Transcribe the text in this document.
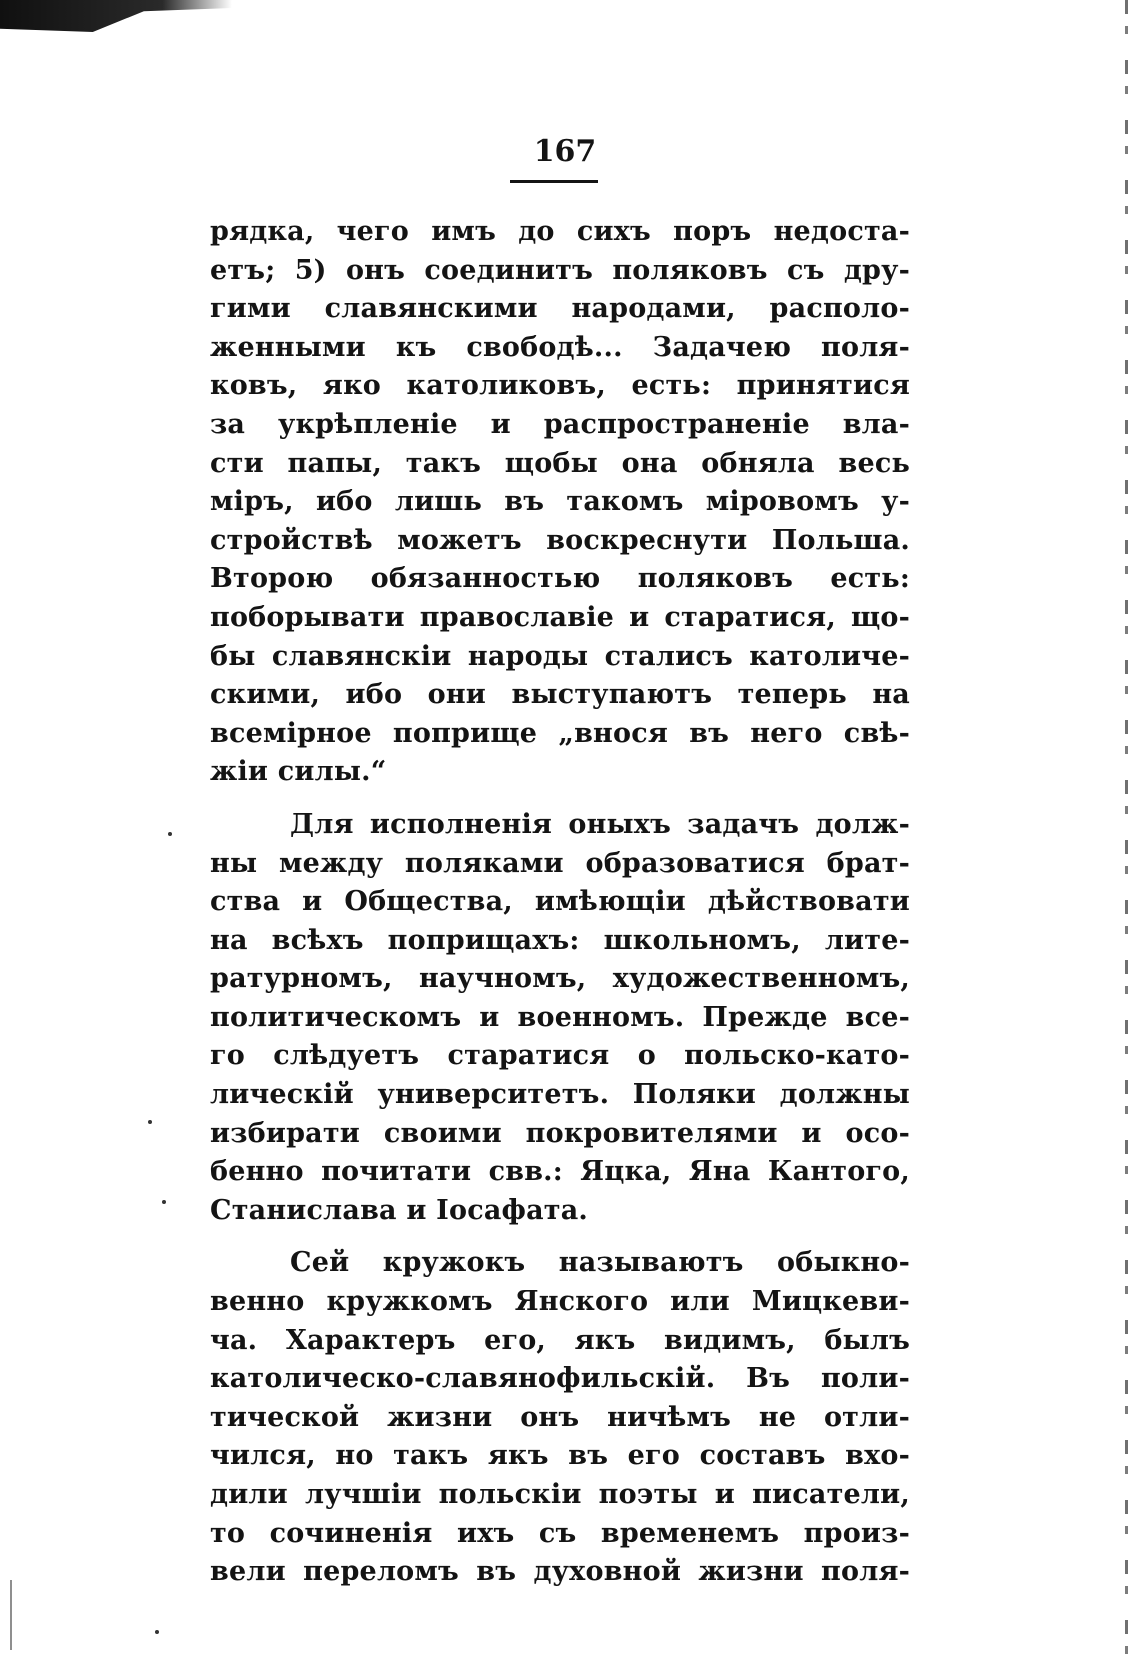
167
рядка, чего имъ до сихъ поръ недоста-
етъ; 5) онъ соединитъ поляковъ съ дру-
гими славянскими народами, располо-
женными къ свободѣ... Задачею поля-
ковъ, яко католиковъ, есть: принятися
за укрѣпленіе и распространеніе вла-
сти папы, такъ щобы она обняла весь
міръ, ибо лишь въ такомъ міровомъ у-
стройствѣ можетъ воскреснути Польша.
Второю обязанностью поляковъ есть:
поборывати православіе и старатися, що-
бы славянскіи народы сталисъ католиче-
скими, ибо они выступаютъ теперь на
всемірное поприще „внося въ него свѣ-
жіи силы.“
Для исполненія оныхъ задачъ долж-
ны между поляками образоватися брат-
ства и Общества, имѣющіи дѣйствовати
на всѣхъ поприщахъ: школьномъ, лите-
ратурномъ, научномъ, художественномъ,
политическомъ и военномъ. Прежде все-
го слѣдуетъ старатися о польско-като-
лическій университетъ. Поляки должны
избирати своими покровителями и осо-
бенно почитати свв.: Яцка, Яна Кантого,
Станислава и Іосафата.
Сей кружокъ называютъ обыкно-
венно кружкомъ Янского или Мицкеви-
ча. Характеръ его, якъ видимъ, былъ
католическо-славянофильскій. Въ поли-
тической жизни онъ ничѣмъ не отли-
чился, но такъ якъ въ его составъ вхо-
дили лучшіи польскіи поэты и писатели,
то сочиненія ихъ съ временемъ произ-
вели переломъ въ духовной жизни поля-
